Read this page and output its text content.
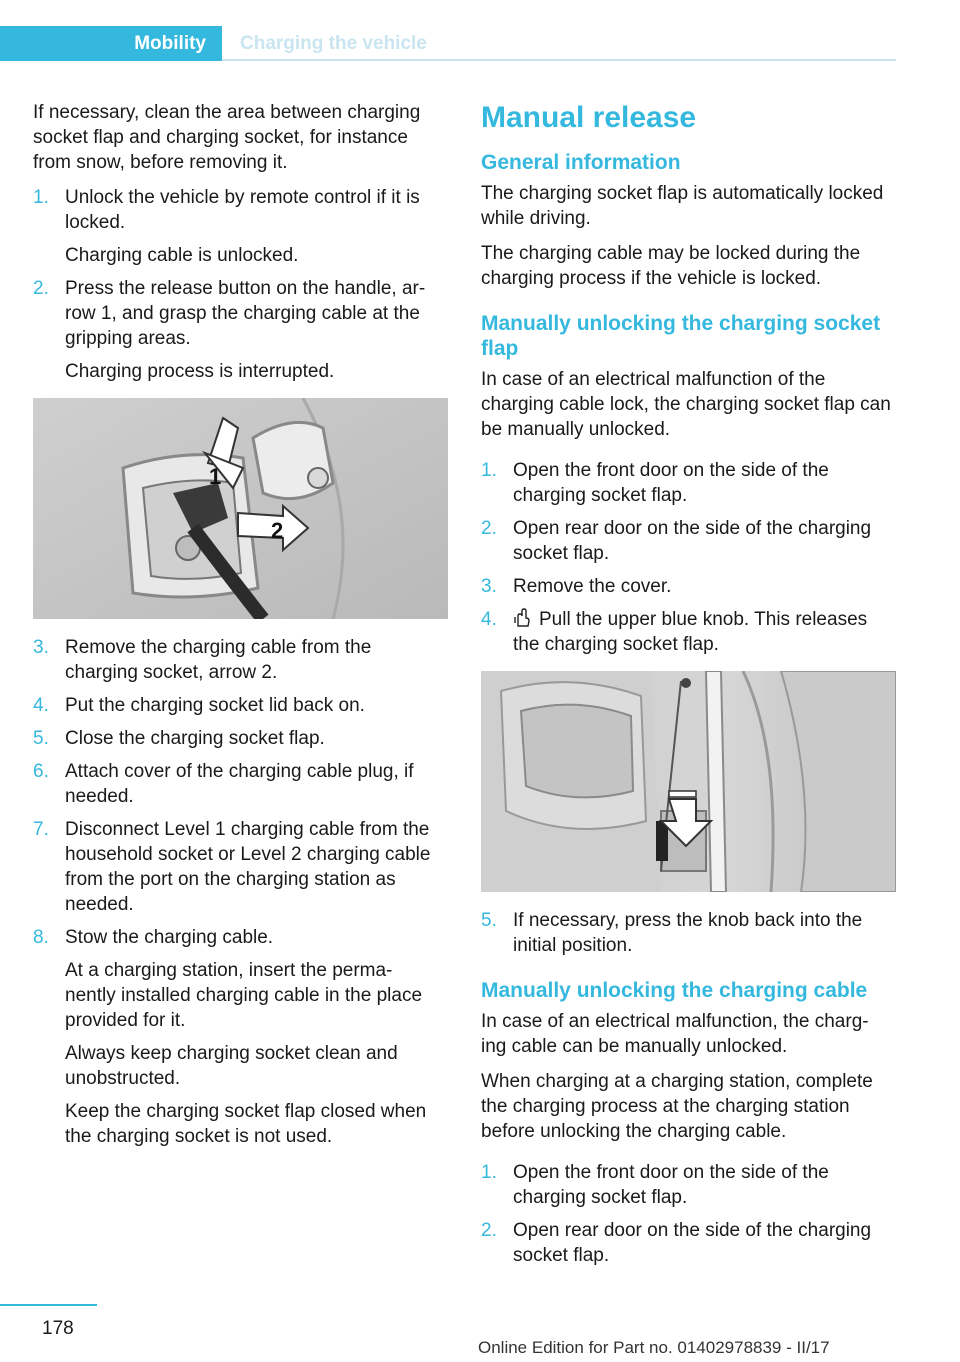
Mobility	Charging the vehicle

If necessary, clean the area between charging socket flap and charging socket, for instance from snow, before removing it.

1. Unlock the vehicle by remote control if it is locked.

Charging cable is unlocked.

2. Press the release button on the handle, ar‐ row 1, and grasp the charging cable at the gripping areas.

Charging process is interrupted.

1
2
3. Remove the charging cable from the charging socket, arrow 2.
4. Put the charging socket lid back on.
5. Close the charging socket flap.
6. Attach cover of the charging cable plug, if needed.
7. Disconnect Level 1 charging cable from the household socket or Level 2 charging cable from the port on the charging station as needed.
8. Stow the charging cable.

At a charging station, insert the perma‐ nently installed charging cable in the place provided for it.

Always keep charging socket clean and unobstructed.

Keep the charging socket flap closed when the charging socket is not used.

Manual release
General information

The charging socket flap is automatically locked while driving.

The charging cable may be locked during the charging process if the vehicle is locked.

Manually unlocking the charging socket flap

In case of an electrical malfunction of the charging cable lock, the charging socket flap can be manually unlocked.

1. Open the front door on the side of the charging socket flap.
2. Open rear door on the side of the charging socket flap.
3. Remove the cover.
4. Pull the upper blue knob. This releases the charging socket flap.
5. If necessary, press the knob back into the initial position.
Manually unlocking the charging cable

In case of an electrical malfunction, the charg‐ ing cable can be manually unlocked.

When charging at a charging station, complete the charging process at the charging station before unlocking the charging cable.

1. Open the front door on the side of the charging socket flap.
2. Open rear door on the side of the charging socket flap.
178
Online Edition for Part no. 01402978839 - II/17
